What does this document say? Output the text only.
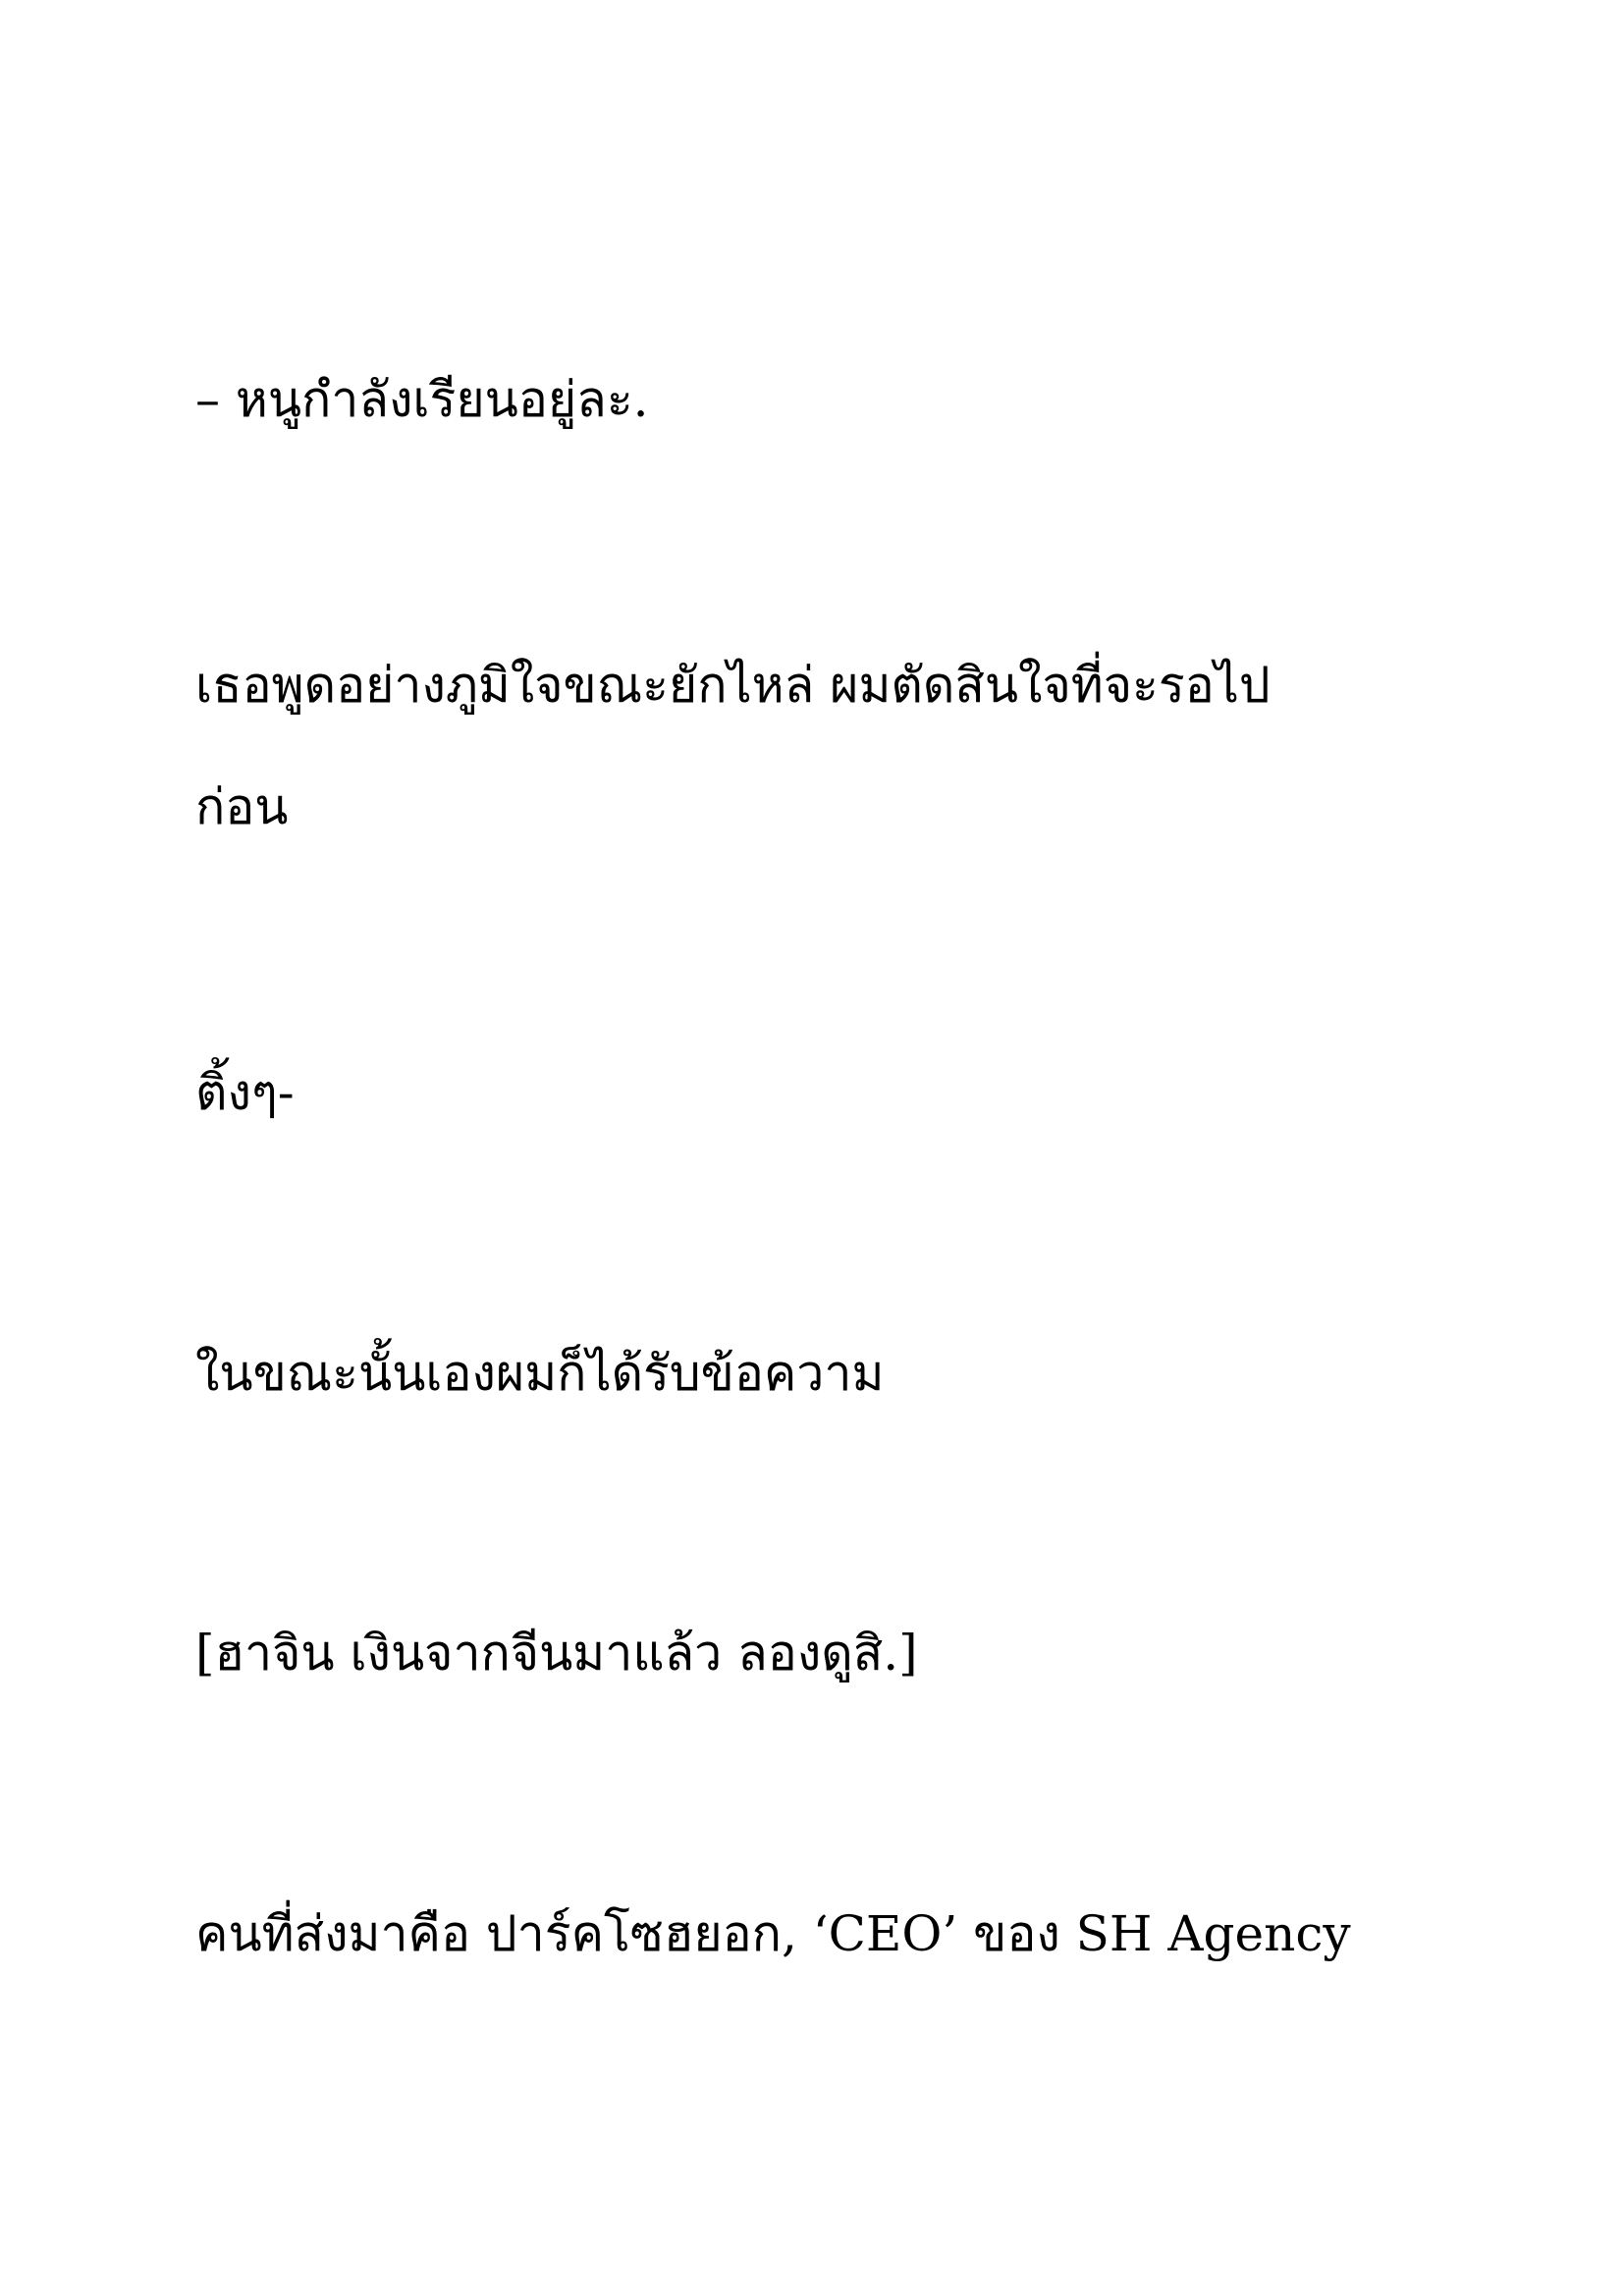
– หนูกำลังเรียนอยู่ละ.

เธอพูดอย่างภูมิใจขณะยักไหล่ ผมตัดสินใจที่จะรอไป
ก่อน

ติ้งๆ-

ในขณะนั้นเองผมก็ได้รับข้อความ

[ฮาจิน เงินจากจีนมาแล้ว ลองดูสิ.]

คนที่ส่งมาคือ ปาร์คโซฮยอก, ‘CEO’ ของ SH Agency
